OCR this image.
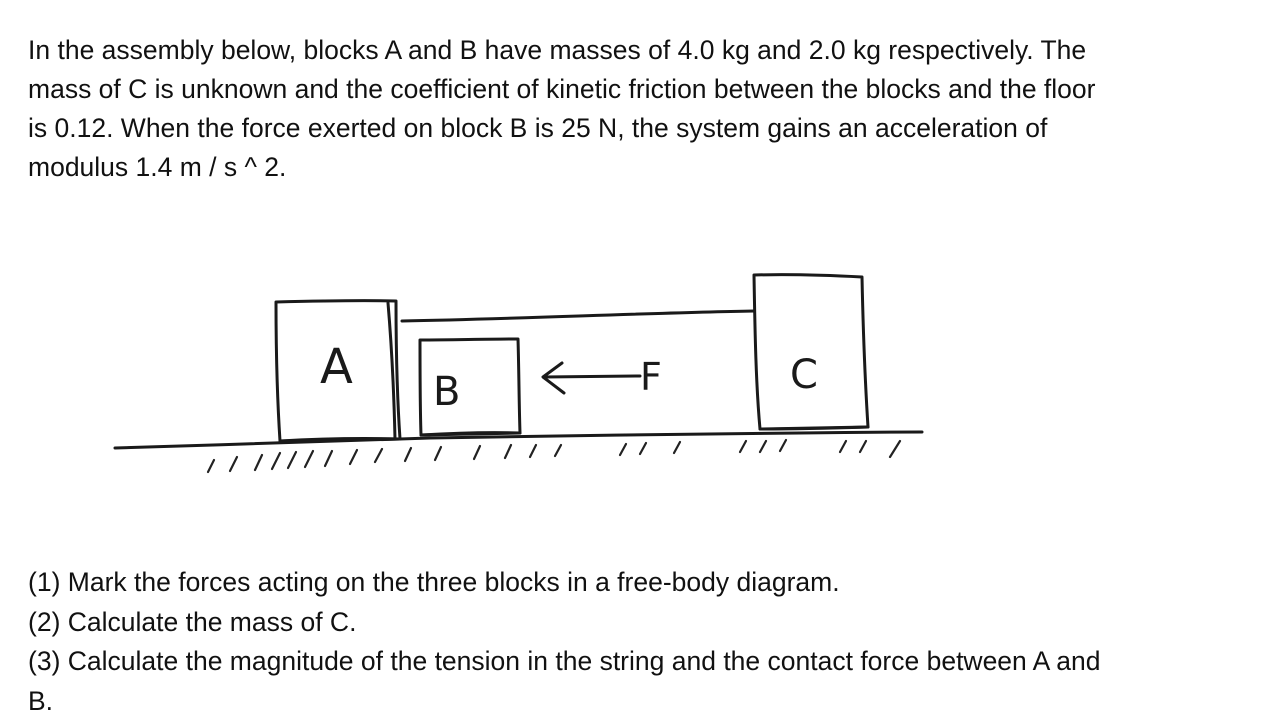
In the assembly below, blocks A and B have masses of 4.0 kg and 2.0 kg respectively. The
mass of C is unknown and the coefficient of kinetic friction between the blocks and the floor
is 0.12. When the force exerted on block B is 25 N, the system gains an acceleration of
modulus 1.4 m / s ^ 2.
A B	F	C
(1) Mark the forces acting on the three blocks in a free-body diagram.
(2) Calculate the mass of C.
(3) Calculate the magnitude of the tension in the string and the contact force between A and
B.
